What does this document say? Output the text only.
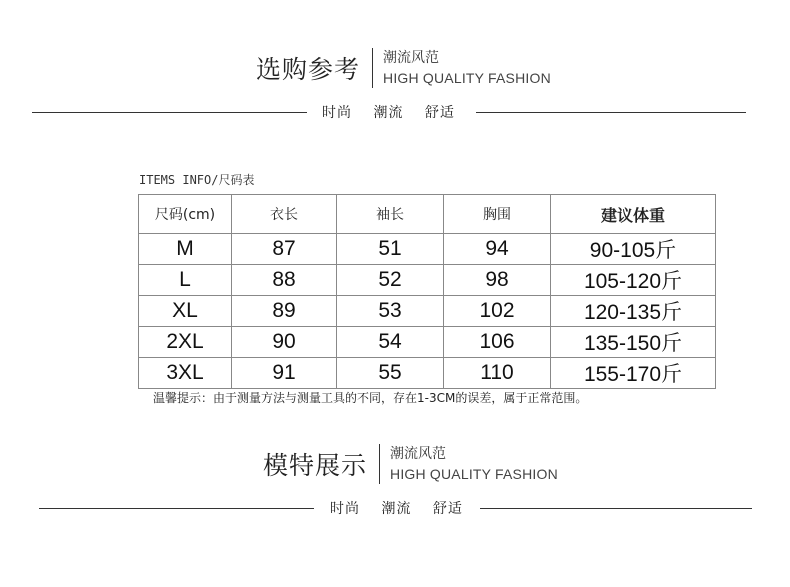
选购参考 潮流风范
HIGH QUALITY FASHION
时尚 潮流 舒适
ITEMS INFO/尺码表
尺码(cm)	衣长	袖长	胸围	建议体重
M	87	51	94	90-105斤
L	88	52	98	105-120斤
XL	89	53	102	120-135斤
2XL	90	54	106	135-150斤
3XL	91	55	110	155-170斤
温馨提示：由于测量方法与测量工具的不同，存在1-3CM的误差，属于正常范围。
模特展示 潮流风范
HIGH QUALITY FASHION
时尚 潮流 舒适
